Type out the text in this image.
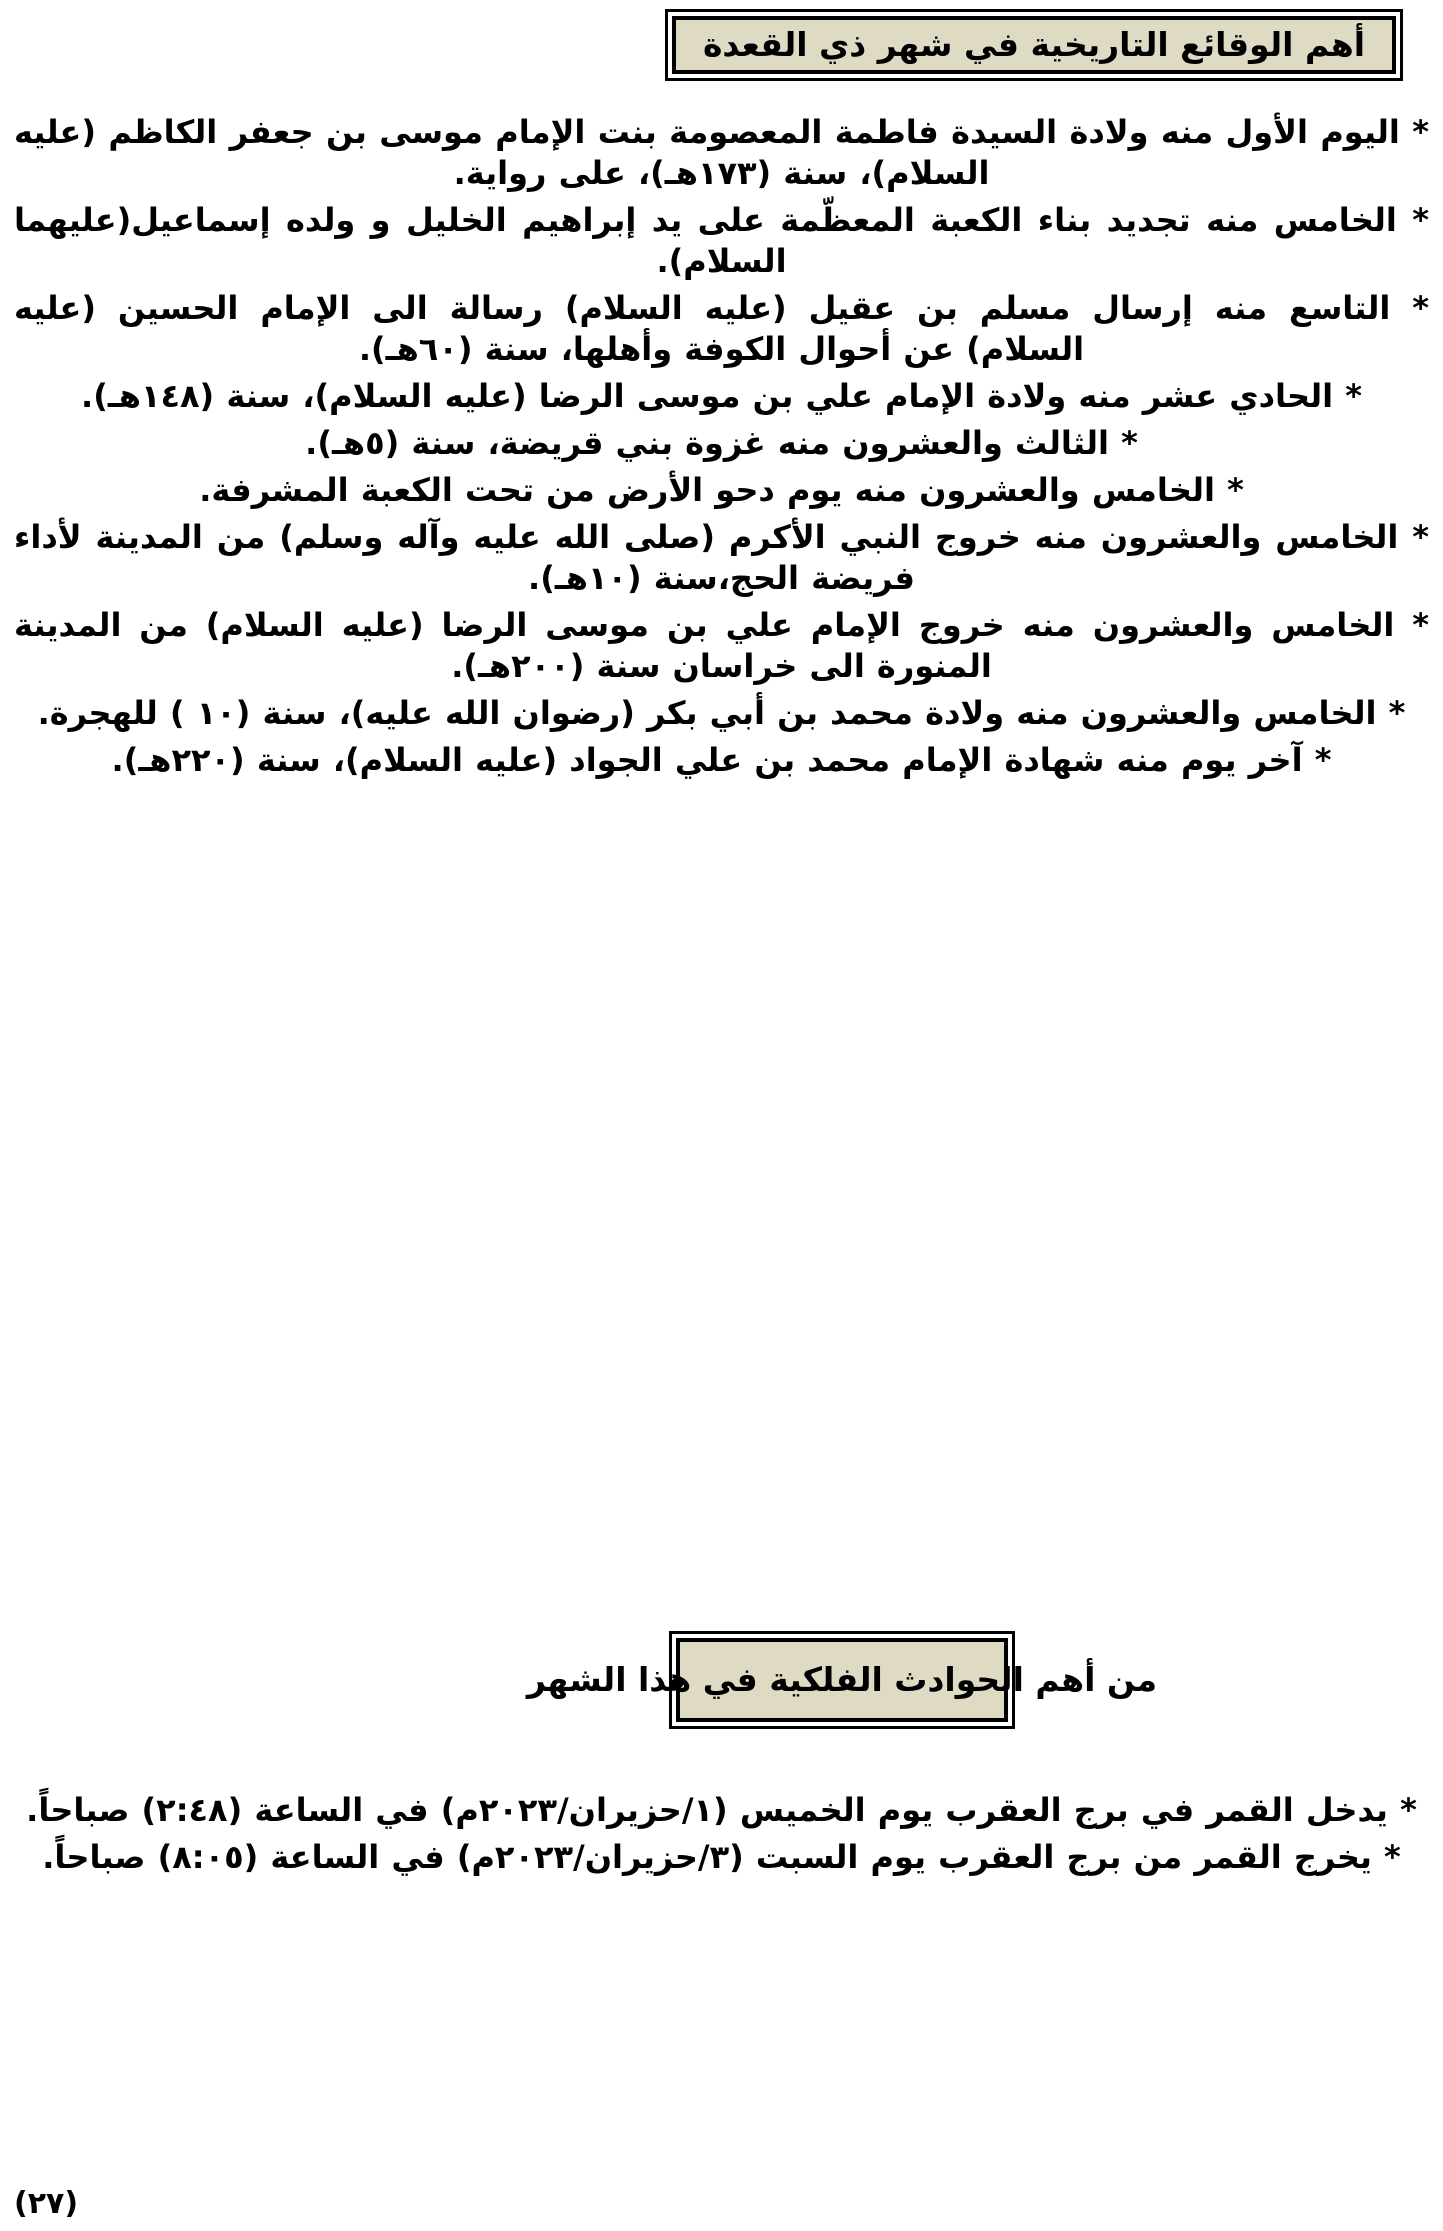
أهم الوقائع التاريخية في شهر ذي القعدة
* اليوم الأول منه ولادة السيدة فاطمة المعصومة بنت الإمام موسى بن جعفر الكاظم (عليه السلام)، سنة (١٧٣هـ)، على رواية.
* الخامس منه تجديد بناء الكعبة المعظّمة على يد إبراهيم الخليل و ولده إسماعيل(عليهما السلام).
* التاسع منه إرسال مسلم بن عقيل (عليه السلام) رسالة الى الإمام الحسين (عليه السلام) عن أحوال الكوفة وأهلها، سنة (٦٠هـ).
* الحادي عشر منه ولادة الإمام علي بن موسى الرضا (عليه السلام)، سنة (١٤٨هـ).
* الثالث والعشرون منه غزوة بني قريضة، سنة (٥هـ).
* الخامس والعشرون منه يوم دحو الأرض من تحت الكعبة المشرفة.
* الخامس والعشرون منه خروج النبي الأكرم (صلى الله عليه وآله وسلم) من المدينة لأداء فريضة الحج،سنة (١٠هـ).
* الخامس والعشرون منه خروج الإمام علي بن موسى الرضا (عليه السلام) من المدينة المنورة الى خراسان سنة (٢٠٠هـ).
* الخامس والعشرون منه ولادة محمد بن أبي بكر (رضوان الله عليه)، سنة (١٠ ) للهجرة.
* آخر يوم منه شهادة الإمام محمد بن علي الجواد (عليه السلام)، سنة (٢٢٠هـ).
من أهم الحوادث الفلكية في هذا الشهر
* يدخل القمر في برج العقرب يوم الخميس (١/حزيران/٢٠٢٣م) في الساعة (٢:٤٨) صباحاً.
* يخرج القمر من برج العقرب يوم السبت (٣/حزيران/٢٠٢٣م) في الساعة (٨:٠٥) صباحاً.
(٢٧)
